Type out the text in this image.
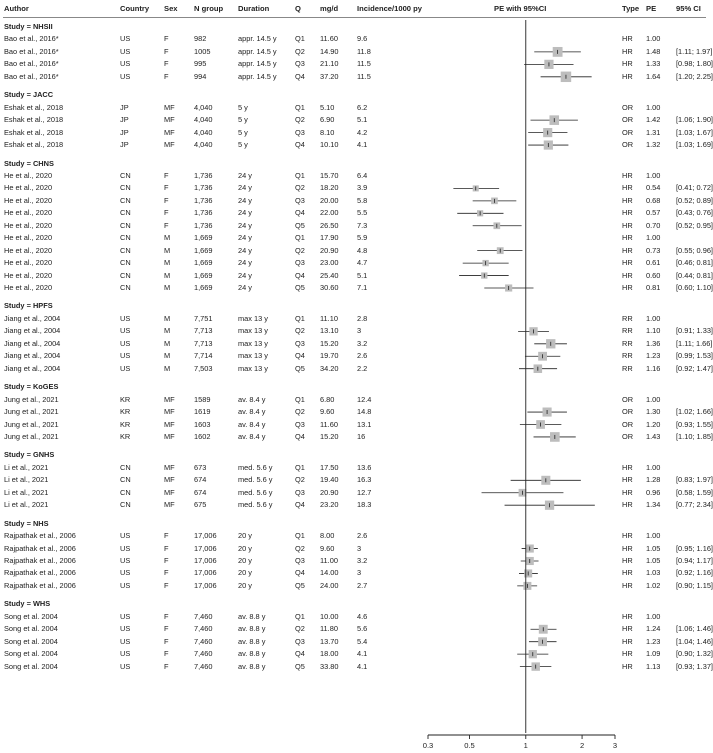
Author	Country Sex N group Duration	Q	mg/d Incidence/1000 py	PE with 95%CI	Type PE	95% CI
Study = NHSII
Bao et al., 2016*	US	F	982	appr. 14.5 y Q1 11.60	9.6	HR 1.00
Bao et al., 2016*	US	F	1005	appr. 14.5 y Q2 14.90	11.8	HR 1.48 [1.11; 1.97]
Bao et al., 2016*	US	F	995	appr. 14.5 y Q3 21.10	11.5	HR 1.33 [0.98; 1.80]
Bao et al., 2016*	US	F	994	appr. 14.5 y Q4 37.20	11.5	HR 1.64 [1.20; 2.25]
Study = JACC
Eshak et al., 2018	JP	MF	4,040	5 y	Q1 5.10	6.2	OR 1.00
Eshak et al., 2018	JP	MF	4,040	5 y	Q2 6.90	5.1	OR 1.42 [1.06; 1.90]
Eshak et al., 2018	JP	MF	4,040	5 y	Q3 8.10	4.2	OR 1.31 [1.03; 1.67]
Eshak et al., 2018	JP	MF	4,040	5 y	Q4 10.10	4.1	OR 1.32 [1.03; 1.69]
Study = CHNS
He et al., 2020	CN	F	1,736	24 y	Q1 15.70	6.4	HR 1.00
He et al., 2020	CN	F	1,736	24 y	Q2 18.20	3.9	HR 0.54 [0.41; 0.72]
He et al., 2020	CN	F	1,736	24 y	Q3 20.00	5.8	HR 0.68 [0.52; 0.89]
He et al., 2020	CN	F	1,736	24 y	Q4 22.00	5.5	HR 0.57 [0.43; 0.76]
He et al., 2020	CN	F	1,736	24 y	Q5 26.50	7.3	HR 0.70 [0.52; 0.95]
He et al., 2020	CN	M	1,669	24 y	Q1 17.90	5.9	HR 1.00
He et al., 2020	CN	M	1,669	24 y	Q2 20.90	4.8	HR 0.73 [0.55; 0.96]
He et al., 2020	CN	M	1,669	24 y	Q3 23.00	4.7	HR 0.61 [0.46; 0.81]
He et al., 2020	CN	M	1,669	24 y	Q4 25.40	5.1	HR 0.60 [0.44; 0.81]
He et al., 2020	CN	M	1,669	24 y	Q5 30.60	7.1	HR 0.81 [0.60; 1.10]
Study = HPFS
Jiang et al., 2004	US	M	7,751	max 13 y	Q1 11.10	2.8	RR 1.00
Jiang et al., 2004	US	M	7,713	max 13 y	Q2 13.10	3	RR 1.10 [0.91; 1.33]
Jiang et al., 2004	US	M	7,713	max 13 y	Q3 15.20	3.2	RR 1.36 [1.11; 1.66]
Jiang et al., 2004	US	M	7,714	max 13 y	Q4 19.70	2.6	RR 1.23 [0.99; 1.53]
Jiang et al., 2004	US	M	7,503	max 13 y	Q5 34.20	2.2	RR 1.16 [0.92; 1.47]
Study = KoGES
Jung et al., 2021	KR	MF	1589	av. 8.4 y	Q1 6.80	12.4	OR 1.00
Jung et al., 2021	KR	MF	1619	av. 8.4 y	Q2 9.60	14.8	OR 1.30 [1.02; 1.66]
Jung et al., 2021	KR	MF	1603	av. 8.4 y	Q3 11.60	13.1	OR 1.20 [0.93; 1.55]
Jung et al., 2021	KR	MF	1602	av. 8.4 y	Q4 15.20	16	OR 1.43 [1.10; 1.85]
Study = GNHS
Li et al., 2021	CN	MF	673	med. 5.6 y	Q1 17.50	13.6	HR 1.00
Li et al., 2021	CN	MF	674	med. 5.6 y	Q2 19.40	16.3	HR 1.28 [0.83; 1.97]
Li et al., 2021	CN	MF	674	med. 5.6 y	Q3 20.90	12.7	HR 0.96 [0.58; 1.59]
Li et al., 2021	CN	MF	675	med. 5.6 y	Q4 23.20	18.3	HR 1.34 [0.77; 2.34]
Study = NHS
Rajpathak et al., 2006	US	F	17,006	20 y	Q1 8.00	2.6	HR 1.00
Rajpathak et al., 2006	US	F	17,006	20 y	Q2 9.60	3	HR 1.05 [0.95; 1.16]
Rajpathak et al., 2006	US	F	17,006	20 y	Q3 11.00	3.2	HR 1.05 [0.94; 1.17]
Rajpathak et al., 2006	US	F	17,006	20 y	Q4 14.00	3	HR 1.03 [0.92; 1.16]
Rajpathak et al., 2006	US	F	17,006	20 y	Q5 24.00	2.7	HR 1.02 [0.90; 1.15]
Study = WHS
Song et al. 2004	US	F	7,460	av. 8.8 y	Q1 10.00	4.6	HR 1.00
Song et al. 2004	US	F	7,460	av. 8.8 y	Q2 11.80	5.6	HR 1.24 [1.06; 1.46]
Song et al. 2004	US	F	7,460	av. 8.8 y	Q3 13.70	5.4	HR 1.23 [1.04; 1.46]
Song et al. 2004	US	F	7,460	av. 8.8 y	Q4 18.00	4.1	HR 1.09 [0.90; 1.32]
Song et al. 2004	US	F	7,460	av. 8.8 y	Q5 33.80	4.1	HR 1.13 [0.93; 1.37]
0.3	0.5	1	2	3
